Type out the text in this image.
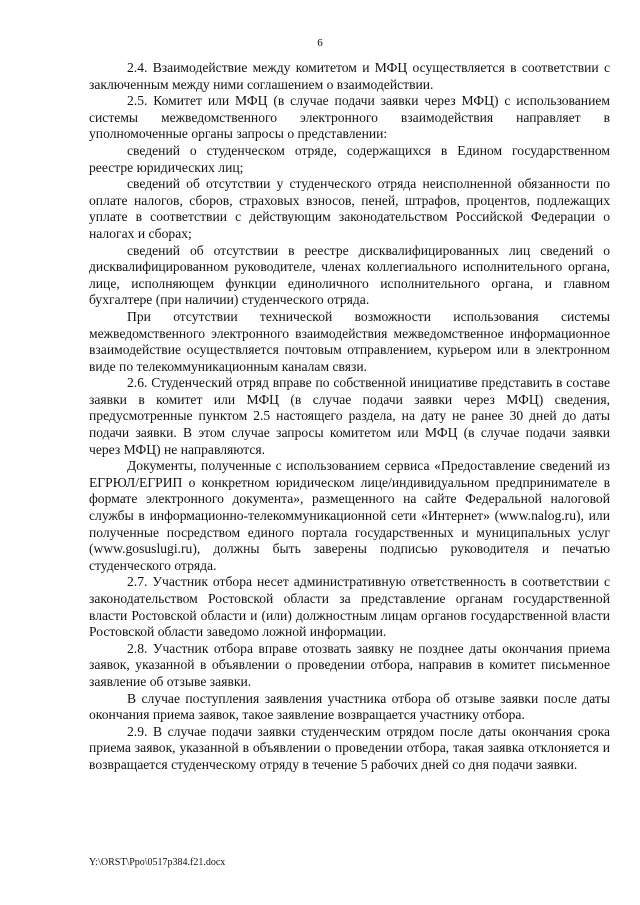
6

2.4. Взаимодействие между комитетом и МФЦ осуществляется в соответствии с заключенным между ними соглашением о взаимодействии.

2.5. Комитет или МФЦ (в случае подачи заявки через МФЦ) с использованием системы межведомственного электронного взаимодействия направляет в уполномоченные органы запросы о представлении:

сведений о студенческом отряде, содержащихся в Едином государственном реестре юридических лиц;

сведений об отсутствии у студенческого отряда неисполненной обязанности по оплате налогов, сборов, страховых взносов, пеней, штрафов, процентов, подлежащих уплате в соответствии с действующим законодательством Российской Федерации о налогах и сборах;

сведений об отсутствии в реестре дисквалифицированных лиц сведений о дисквалифицированном руководителе, членах коллегиального исполнительного органа, лице, исполняющем функции единоличного исполнительного органа, и главном бухгалтере (при наличии) студенческого отряда.

При отсутствии технической возможности использования системы межведомственного электронного взаимодействия межведомственное информационное взаимодействие осуществляется почтовым отправлением, курьером или в электронном виде по телекоммуникационным каналам связи.

2.6. Студенческий отряд вправе по собственной инициативе представить в составе заявки в комитет или МФЦ (в случае подачи заявки через МФЦ) сведения, предусмотренные пунктом 2.5 настоящего раздела, на дату не ранее 30 дней до даты подачи заявки. В этом случае запросы комитетом или МФЦ (в случае подачи заявки через МФЦ) не направляются.

Документы, полученные с использованием сервиса «Предоставление сведений из ЕГРЮЛ/ЕГРИП о конкретном юридическом лице/индивидуальном предпринимателе в формате электронного документа», размещенного на сайте Федеральной налоговой службы в информационно-телекоммуникационной сети «Интернет» (www.nalog.ru), или полученные посредством единого портала государственных и муниципальных услуг (www.gosuslugi.ru), должны быть заверены подписью руководителя и печатью студенческого отряда.

2.7. Участник отбора несет административную ответственность в соответствии с законодательством Ростовской области за представление органам государственной власти Ростовской области и (или) должностным лицам органов государственной власти Ростовской области заведомо ложной информации.

2.8. Участник отбора вправе отозвать заявку не позднее даты окончания приема заявок, указанной в объявлении о проведении отбора, направив в комитет письменное заявление об отзыве заявки.

В случае поступления заявления участника отбора об отзыве заявки после даты окончания приема заявок, такое заявление возвращается участнику отбора.

2.9. В случае подачи заявки студенческим отрядом после даты окончания срока приема заявок, указанной в объявлении о проведении отбора, такая заявка отклоняется и возвращается студенческому отряду в течение 5 рабочих дней со дня подачи заявки.

Y:\ORST\Ppo\0517p384.f21.docx
